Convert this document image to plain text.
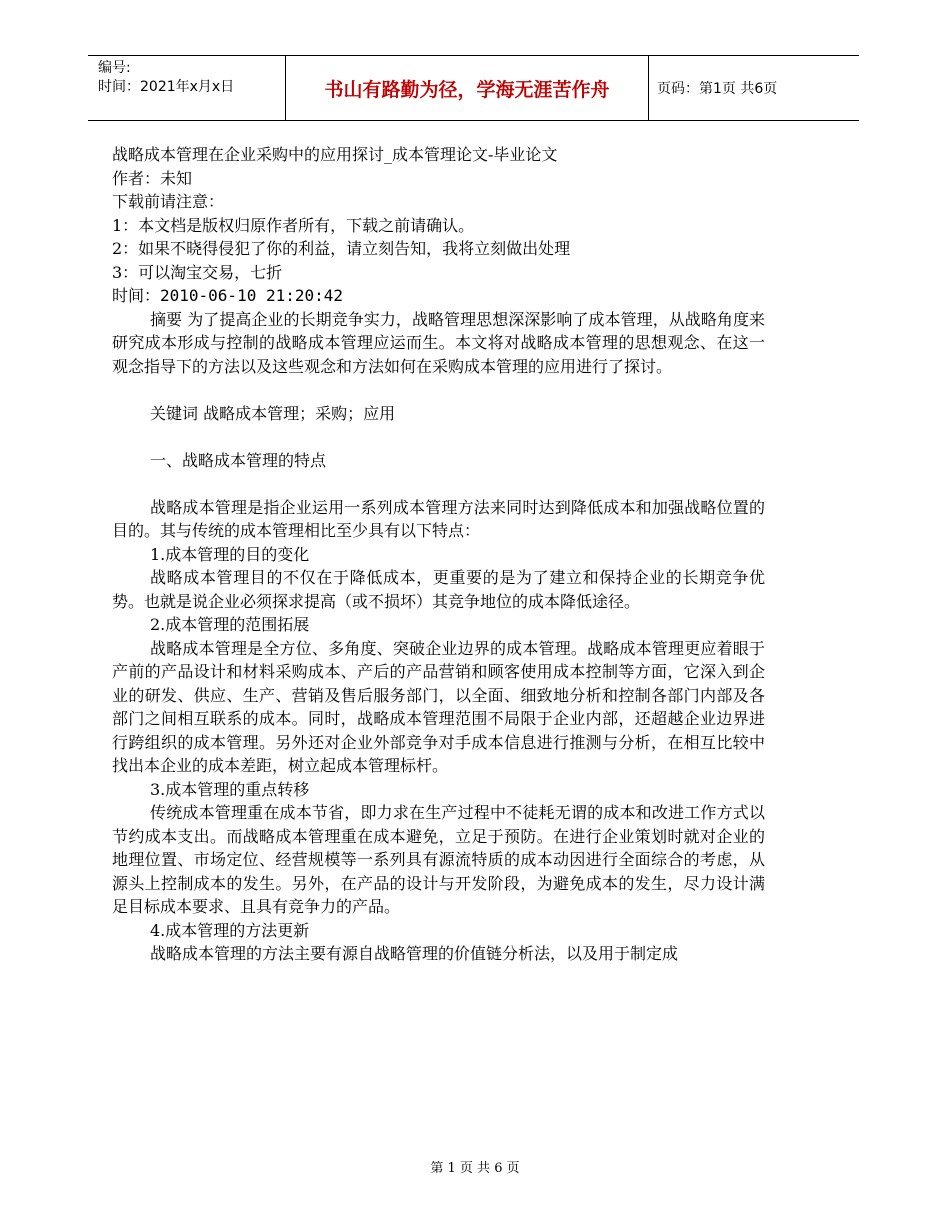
编号:
时间：2021年x月x日	书山有路勤为径，学海无涯苦作舟	页码：第1页 共6页

战略成本管理在企业采购中的应用探讨_成本管理论文-毕业论文

作者：未知

下载前请注意：

1：本文档是版权归原作者所有，下载之前请确认。

2：如果不晓得侵犯了你的利益，请立刻告知，我将立刻做出处理

3：可以淘宝交易，七折

时间：2010-06-10 21:20:42

摘要 为了提高企业的长期竞争实力，战略管理思想深深影响了成本管理，从战略角度来研究成本形成与控制的战略成本管理应运而生。本文将对战略成本管理的思想观念、在这一观念指导下的方法以及这些观念和方法如何在采购成本管理的应用进行了探讨。

关键词 战略成本管理；采购；应用

一、战略成本管理的特点

战略成本管理是指企业运用一系列成本管理方法来同时达到降低成本和加强战略位置的目的。其与传统的成本管理相比至少具有以下特点：

1.成本管理的目的变化

战略成本管理目的不仅在于降低成本，更重要的是为了建立和保持企业的长期竞争优势。也就是说企业必须探求提高（或不损坏）其竞争地位的成本降低途径。

2.成本管理的范围拓展

战略成本管理是全方位、多角度、突破企业边界的成本管理。战略成本管理更应着眼于产前的产品设计和材料采购成本、产后的产品营销和顾客使用成本控制等方面，它深入到企业的研发、供应、生产、营销及售后服务部门，以全面、细致地分析和控制各部门内部及各部门之间相互联系的成本。同时，战略成本管理范围不局限于企业内部，还超越企业边界进行跨组织的成本管理。另外还对企业外部竞争对手成本信息进行推测与分析，在相互比较中找出本企业的成本差距，树立起成本管理标杆。

3.成本管理的重点转移

传统成本管理重在成本节省，即力求在生产过程中不徒耗无谓的成本和改进工作方式以节约成本支出。而战略成本管理重在成本避免，立足于预防。在进行企业策划时就对企业的地理位置、市场定位、经营规模等一系列具有源流特质的成本动因进行全面综合的考虑，从源头上控制成本的发生。另外，在产品的设计与开发阶段，为避免成本的发生，尽力设计满足目标成本要求、且具有竞争力的产品。

4.成本管理的方法更新

战略成本管理的方法主要有源自战略管理的价值链分析法，以及用于制定成

第 1 页 共 6 页
